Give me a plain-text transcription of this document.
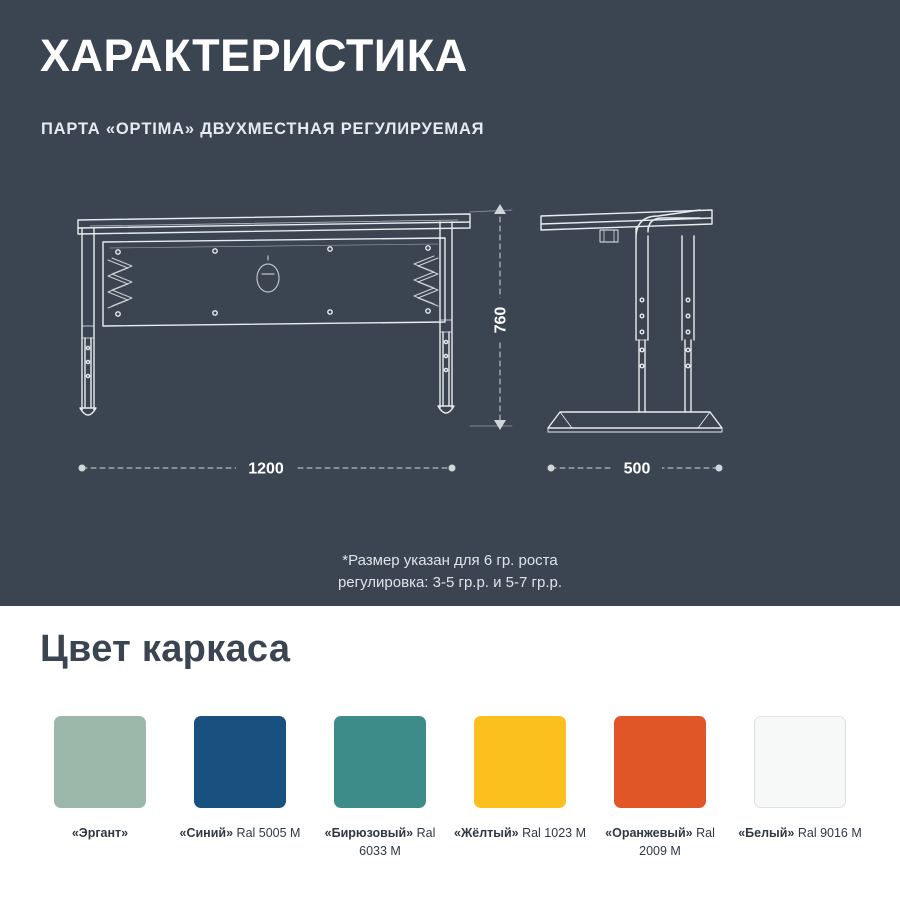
ХАРАКТЕРИСТИКА
ПАРТА «OPTIMA» ДВУХМЕСТНАЯ РЕГУЛИРУЕМАЯ
760
1200	500
*Размер указан для 6 гр. роста
регулировка: 3-5 гр.р. и 5-7 гр.р.
Цвет каркаса
«Эргант»	«Синий» Ral 5005 М	«Бирюзовый» Ral 6033 М
«Жёлтый» Ral 1023 М	«Оранжевый» Ral 2009 М
«Белый» Ral 9016 М
